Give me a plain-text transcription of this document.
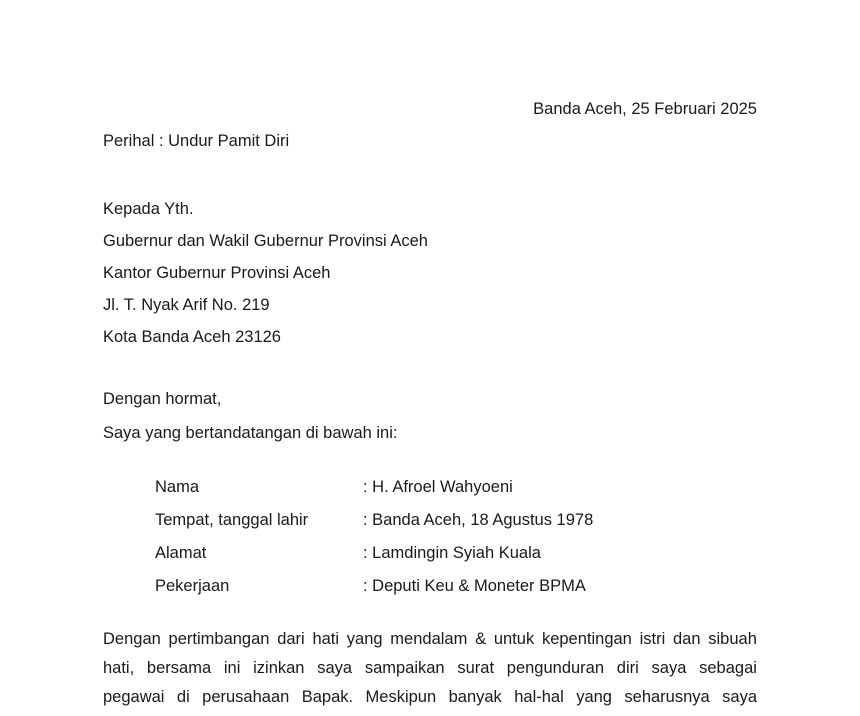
Banda Aceh, 25 Februari 2025
Perihal : Undur Pamit Diri
Kepada Yth.
Gubernur dan Wakil Gubernur Provinsi Aceh
Kantor Gubernur Provinsi Aceh
Jl. T. Nyak Arif No. 219
Kota Banda Aceh 23126
Dengan hormat,
Saya yang bertandatangan di bawah ini:
Nama	: H. Afroel Wahyoeni
Tempat, tanggal lahir	: Banda Aceh, 18 Agustus 1978
Alamat	: Lamdingin Syiah Kuala
Pekerjaan	: Deputi Keu & Moneter BPMA
Dengan pertimbangan dari hati yang mendalam & untuk kepentingan istri dan sibuah
hati, bersama ini izinkan saya sampaikan surat pengunduran diri saya sebagai
pegawai di perusahaan Bapak. Meskipun banyak hal-hal yang seharusnya saya
